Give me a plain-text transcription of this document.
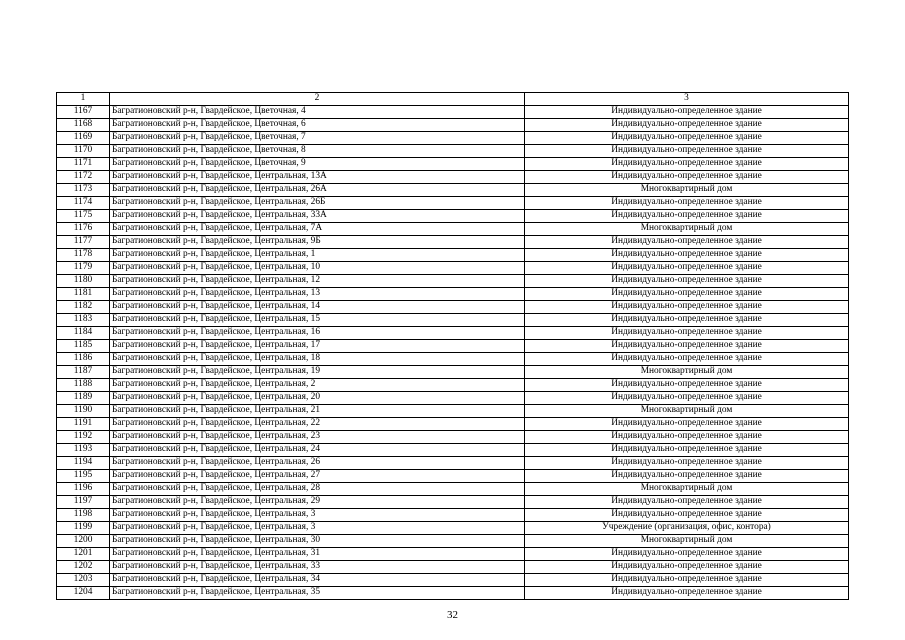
1	2	3
1167	Багратионовский р-н, Гвардейское, Цветочная, 4	Индивидуально-определенное здание
1168	Багратионовский р-н, Гвардейское, Цветочная, 6	Индивидуально-определенное здание
1169	Багратионовский р-н, Гвардейское, Цветочная, 7	Индивидуально-определенное здание
1170	Багратионовский р-н, Гвардейское, Цветочная, 8	Индивидуально-определенное здание
1171	Багратионовский р-н, Гвардейское, Цветочная, 9	Индивидуально-определенное здание
1172	Багратионовский р-н, Гвардейское, Центральная, 13А	Индивидуально-определенное здание
1173	Багратионовский р-н, Гвардейское, Центральная, 26А	Многоквартирный дом
1174	Багратионовский р-н, Гвардейское, Центральная, 26Б	Индивидуально-определенное здание
1175	Багратионовский р-н, Гвардейское, Центральная, 33А	Индивидуально-определенное здание
1176	Багратионовский р-н, Гвардейское, Центральная, 7А	Многоквартирный дом
1177	Багратионовский р-н, Гвардейское, Центральная, 9Б	Индивидуально-определенное здание
1178	Багратионовский р-н, Гвардейское, Центральная, 1	Индивидуально-определенное здание
1179	Багратионовский р-н, Гвардейское, Центральная, 10	Индивидуально-определенное здание
1180	Багратионовский р-н, Гвардейское, Центральная, 12	Индивидуально-определенное здание
1181	Багратионовский р-н, Гвардейское, Центральная, 13	Индивидуально-определенное здание
1182	Багратионовский р-н, Гвардейское, Центральная, 14	Индивидуально-определенное здание
1183	Багратионовский р-н, Гвардейское, Центральная, 15	Индивидуально-определенное здание
1184	Багратионовский р-н, Гвардейское, Центральная, 16	Индивидуально-определенное здание
1185	Багратионовский р-н, Гвардейское, Центральная, 17	Индивидуально-определенное здание
1186	Багратионовский р-н, Гвардейское, Центральная, 18	Индивидуально-определенное здание
1187	Багратионовский р-н, Гвардейское, Центральная, 19	Многоквартирный дом
1188	Багратионовский р-н, Гвардейское, Центральная, 2	Индивидуально-определенное здание
1189	Багратионовский р-н, Гвардейское, Центральная, 20	Индивидуально-определенное здание
1190	Багратионовский р-н, Гвардейское, Центральная, 21	Многоквартирный дом
1191	Багратионовский р-н, Гвардейское, Центральная, 22	Индивидуально-определенное здание
1192	Багратионовский р-н, Гвардейское, Центральная, 23	Индивидуально-определенное здание
1193	Багратионовский р-н, Гвардейское, Центральная, 24	Индивидуально-определенное здание
1194	Багратионовский р-н, Гвардейское, Центральная, 26	Индивидуально-определенное здание
1195	Багратионовский р-н, Гвардейское, Центральная, 27	Индивидуально-определенное здание
1196	Багратионовский р-н, Гвардейское, Центральная, 28	Многоквартирный дом
1197	Багратионовский р-н, Гвардейское, Центральная, 29	Индивидуально-определенное здание
1198	Багратионовский р-н, Гвардейское, Центральная, 3	Индивидуально-определенное здание
1199	Багратионовский р-н, Гвардейское, Центральная, 3	Учреждение (организация, офис, контора)
1200	Багратионовский р-н, Гвардейское, Центральная, 30	Многоквартирный дом
1201	Багратионовский р-н, Гвардейское, Центральная, 31	Индивидуально-определенное здание
1202	Багратионовский р-н, Гвардейское, Центральная, 33	Индивидуально-определенное здание
1203	Багратионовский р-н, Гвардейское, Центральная, 34	Индивидуально-определенное здание
1204	Багратионовский р-н, Гвардейское, Центральная, 35	Индивидуально-определенное здание
32
